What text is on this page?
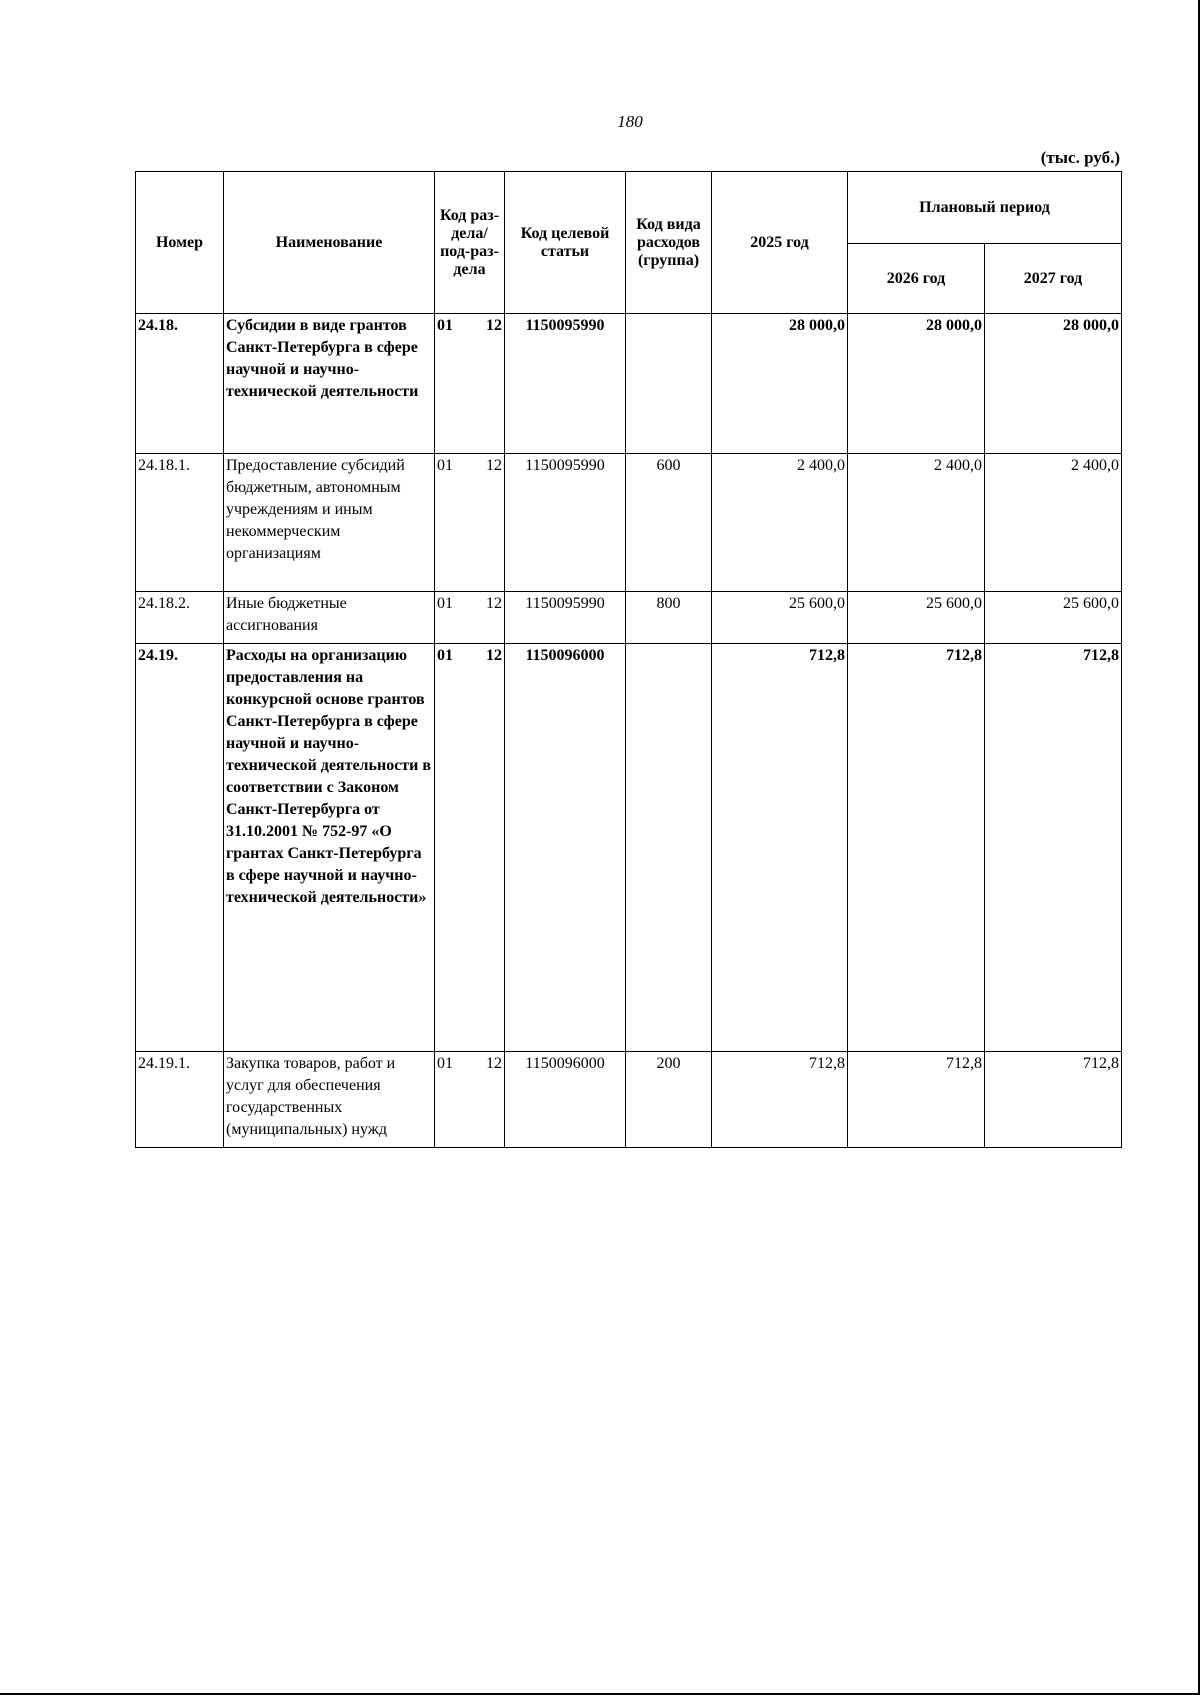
180
(тыс. руб.)
Номер	Наименование	Код раз-дела/ под-раз-дела	Код целевой статьи	Код вида расходов (группа)	2025 год	Плановый период	
						2026 год	2027 год
24.18.	Субсидии в виде грантов Санкт-Петербурга в сфере научной и научно-технической деятельности	01 12	1150095990		28 000,0	28 000,0	28 000,0
24.18.1.	Предоставление субсидий бюджетным, автономным учреждениям и иным некоммерческим организациям	01 12	1150095990	600	2 400,0	2 400,0	2 400,0
24.18.2.	Иные бюджетные ассигнования	01 12	1150095990	800	25 600,0	25 600,0	25 600,0
24.19.	Расходы на организацию предоставления на конкурсной основе грантов Санкт-Петербурга в сфере научной и научно-технической деятельности в соответствии с Законом Санкт-Петербурга от 31.10.2001 № 752-97 «О грантах Санкт-Петербурга в сфере научной и научно-технической деятельности»	01 12	1150096000		712,8	712,8	712,8
24.19.1.	Закупка товаров, работ и услуг для обеспечения государственных (муниципальных) нужд	01 12	1150096000	200	712,8	712,8	712,8
